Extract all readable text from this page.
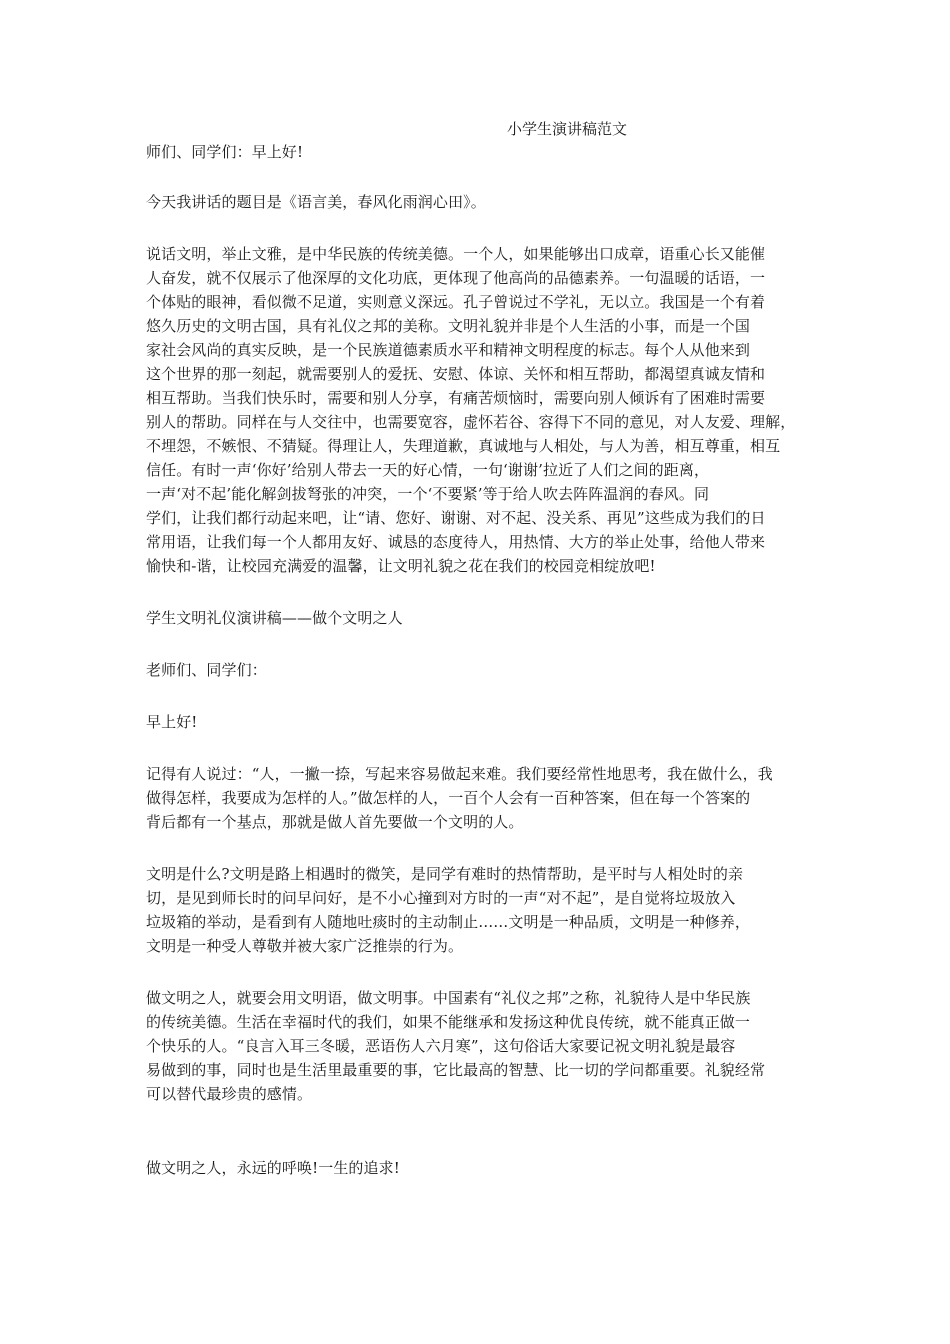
小学生演讲稿范文

师们、同学们：早上好!

今天我讲话的题目是《语言美，春风化雨润心田》。

说话文明，举止文雅，是中华民族的传统美德。一个人，如果能够出口成章，语重心长又能催
人奋发，就不仅展示了他深厚的文化功底，更体现了他高尚的品德素养。一句温暖的话语，一
个体贴的眼神，看似微不足道，实则意义深远。孔子曾说过不学礼，无以立。我国是一个有着
悠久历史的文明古国，具有礼仪之邦的美称。文明礼貌并非是个人生活的小事，而是一个国
家社会风尚的真实反映，是一个民族道德素质水平和精神文明程度的标志。每个人从他来到
这个世界的那一刻起，就需要别人的爱抚、安慰、体谅、关怀和相互帮助，都渴望真诚友情和
相互帮助。当我们快乐时，需要和别人分享，有痛苦烦恼时，需要向别人倾诉有了困难时需要
别人的帮助。同样在与人交往中，也需要宽容，虚怀若谷、容得下不同的意见，对人友爱、理解，
不埋怨，不嫉恨、不猜疑。得理让人，失理道歉，真诚地与人相处，与人为善，相互尊重，相互
信任。有时一声‘你好’给别人带去一天的好心情，一句‘谢谢’拉近了人们之间的距离，
一声‘对不起’能化解剑拔弩张的冲突，一个‘不要紧’等于给人吹去阵阵温润的春风。同
学们，让我们都行动起来吧，让“请、您好、谢谢、对不起、没关系、再见”这些成为我们的日
常用语，让我们每一个人都用友好、诚恳的态度待人，用热情、大方的举止处事，给他人带来
愉快和-谐，让校园充满爱的温馨，让文明礼貌之花在我们的校园竞相绽放吧!

学生文明礼仪演讲稿——做个文明之人

老师们、同学们：

早上好!

记得有人说过：“人，一撇一捺，写起来容易做起来难。我们要经常性地思考，我在做什么，我
做得怎样，我要成为怎样的人。”做怎样的人，一百个人会有一百种答案，但在每一个答案的
背后都有一个基点，那就是做人首先要做一个文明的人。

文明是什么?文明是路上相遇时的微笑，是同学有难时的热情帮助，是平时与人相处时的亲
切，是见到师长时的问早问好，是不小心撞到对方时的一声“对不起”，是自觉将垃圾放入
垃圾箱的举动，是看到有人随地吐痰时的主动制止……文明是一种品质，文明是一种修养，
文明是一种受人尊敬并被大家广泛推崇的行为。

做文明之人，就要会用文明语，做文明事。中国素有“礼仪之邦”之称，礼貌待人是中华民族
的传统美德。生活在幸福时代的我们，如果不能继承和发扬这种优良传统，就不能真正做一
个快乐的人。“良言入耳三冬暖，恶语伤人六月寒”，这句俗话大家要记祝文明礼貌是最容
易做到的事，同时也是生活里最重要的事，它比最高的智慧、比一切的学问都重要。礼貌经常
可以替代最珍贵的感情。

做文明之人，永远的呼唤!一生的追求!
